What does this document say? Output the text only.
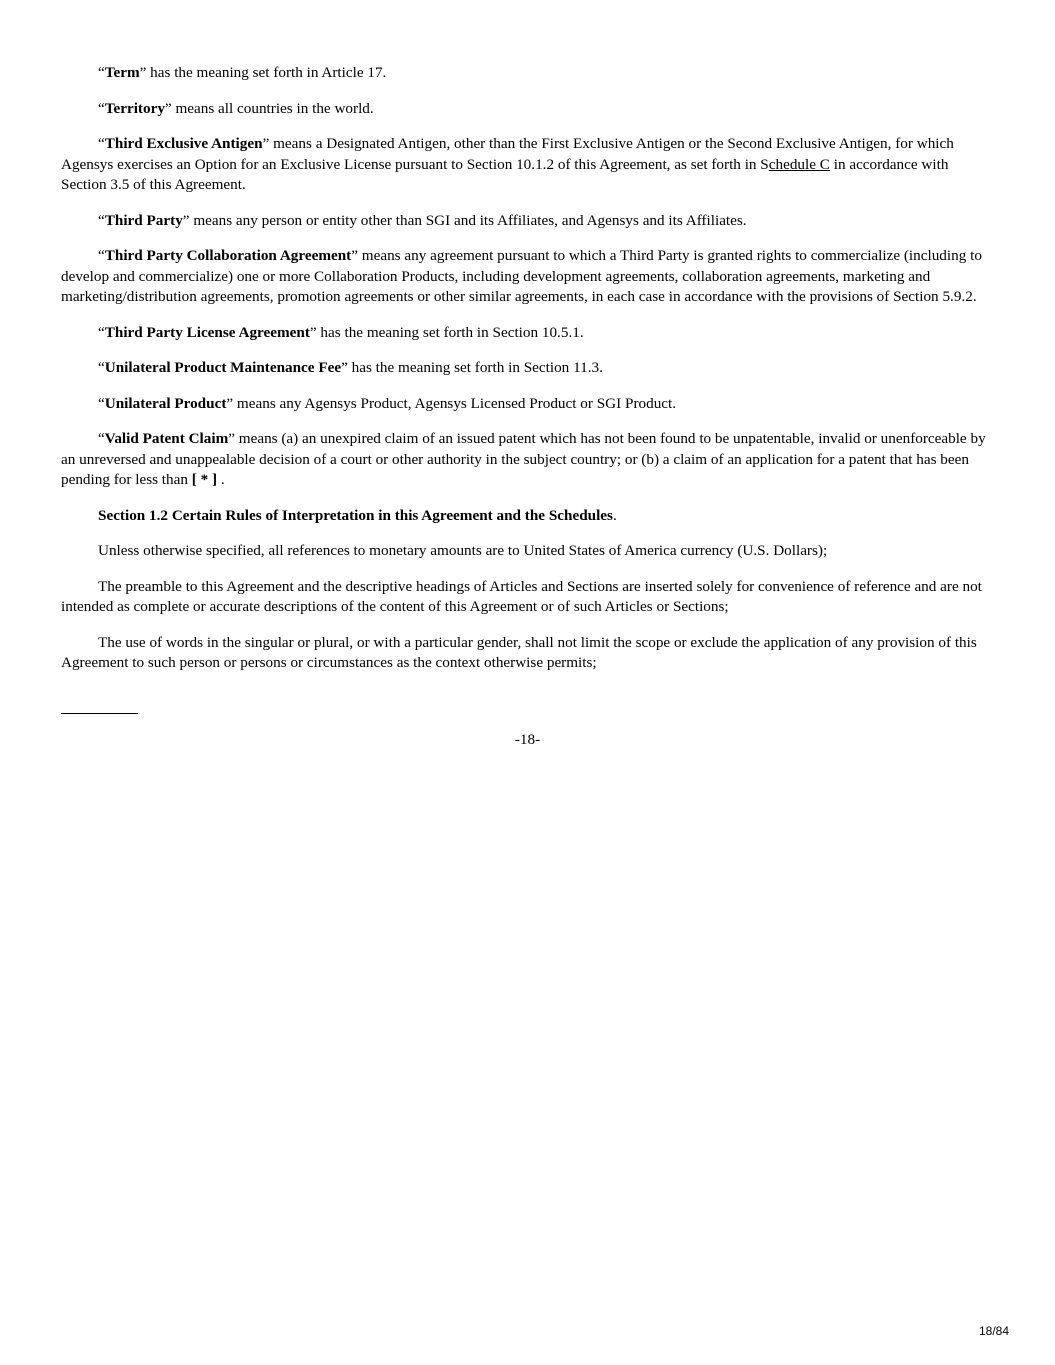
“Term” has the meaning set forth in Article 17.

“Territory” means all countries in the world.

“Third Exclusive Antigen” means a Designated Antigen, other than the First Exclusive Antigen or the Second Exclusive Antigen, for which Agensys exercises an Option for an Exclusive License pursuant to Section 10.1.2 of this Agreement, as set forth in Schedule C in accordance with Section 3.5 of this Agreement.

“Third Party” means any person or entity other than SGI and its Affiliates, and Agensys and its Affiliates.

“Third Party Collaboration Agreement” means any agreement pursuant to which a Third Party is granted rights to commercialize (including to develop and commercialize) one or more Collaboration Products, including development agreements, collaboration agreements, marketing and marketing/distribution agreements, promotion agreements or other similar agreements, in each case in accordance with the provisions of Section 5.9.2.

“Third Party License Agreement” has the meaning set forth in Section 10.5.1.

“Unilateral Product Maintenance Fee” has the meaning set forth in Section 11.3.

“Unilateral Product” means any Agensys Product, Agensys Licensed Product or SGI Product.

“Valid Patent Claim” means (a) an unexpired claim of an issued patent which has not been found to be unpatentable, invalid or unenforceable by an unreversed and unappealable decision of a court or other authority in the subject country; or (b) a claim of an application for a patent that has been pending for less than [ * ] .

Section 1.2 Certain Rules of Interpretation in this Agreement and the Schedules.

Unless otherwise specified, all references to monetary amounts are to United States of America currency (U.S. Dollars);

The preamble to this Agreement and the descriptive headings of Articles and Sections are inserted solely for convenience of reference and are not intended as complete or accurate descriptions of the content of this Agreement or of such Articles or Sections;

The use of words in the singular or plural, or with a particular gender, shall not limit the scope or exclude the application of any provision of this Agreement to such person or persons or circumstances as the context otherwise permits;

-18-
18/84
